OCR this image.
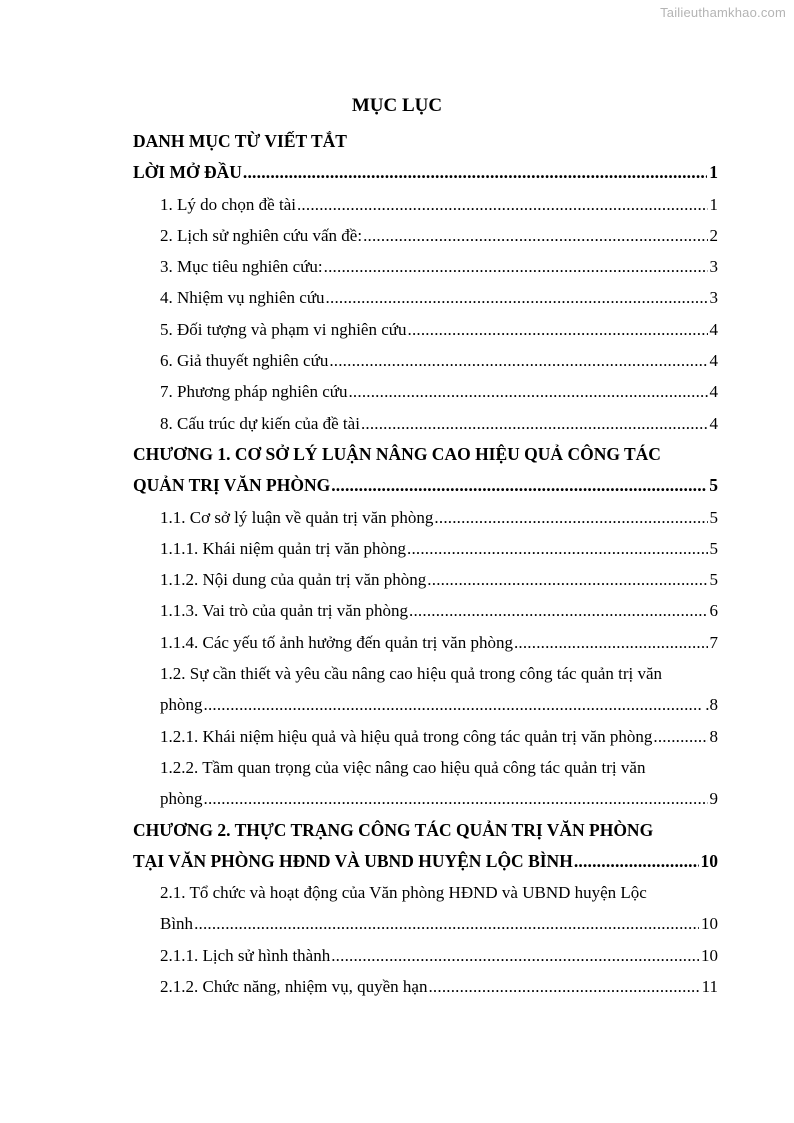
Tailieuthamkhao.com
MỤC LỤC
DANH MỤC TỪ VIẾT TẮT
LỜI MỞ ĐẦU .....	1
1. Lý do chọn đề tài .....	1
2. Lịch sử nghiên cứu vấn đề: .....	2
3. Mục tiêu nghiên cứu: .....	3
4. Nhiệm vụ nghiên cứu .....	3
5. Đối tượng và phạm vi nghiên cứu .....	4
6. Giả thuyết nghiên cứu .....	4
7. Phương pháp nghiên cứu .....	4
8. Cấu trúc dự kiến của đề tài .....	4
CHƯƠNG 1. CƠ SỞ LÝ LUẬN NÂNG CAO HIỆU QUẢ CÔNG TÁC
QUẢN TRỊ VĂN PHÒNG .....	5
1.1. Cơ sở lý luận về quản trị văn phòng .....	5
1.1.1. Khái niệm quản trị văn phòng .....	5
1.1.2. Nội dung của quản trị văn phòng .....	5
1.1.3. Vai trò của quản trị văn phòng .....	6
1.1.4. Các yếu tố ảnh hưởng đến quản trị văn phòng .....	7
1.2. Sự cần thiết và yêu cầu nâng cao hiệu quả trong công tác quản trị văn
phòng .....	.8
1.2.1. Khái niệm hiệu quả và hiệu quả trong công tác quản trị văn phòng .....	8
1.2.2. Tầm quan trọng của việc nâng cao hiệu quả công tác quản trị văn
phòng .....	9
CHƯƠNG 2. THỰC TRẠNG CÔNG TÁC QUẢN TRỊ VĂN PHÒNG
TẠI VĂN PHÒNG HĐND VÀ UBND HUYỆN LỘC BÌNH .....	10
2.1. Tổ chức và hoạt động của Văn phòng HĐND và UBND huyện Lộc
Bình .....	10
2.1.1. Lịch sử hình thành .....	10
2.1.2. Chức năng, nhiệm vụ, quyền hạn .....	11
